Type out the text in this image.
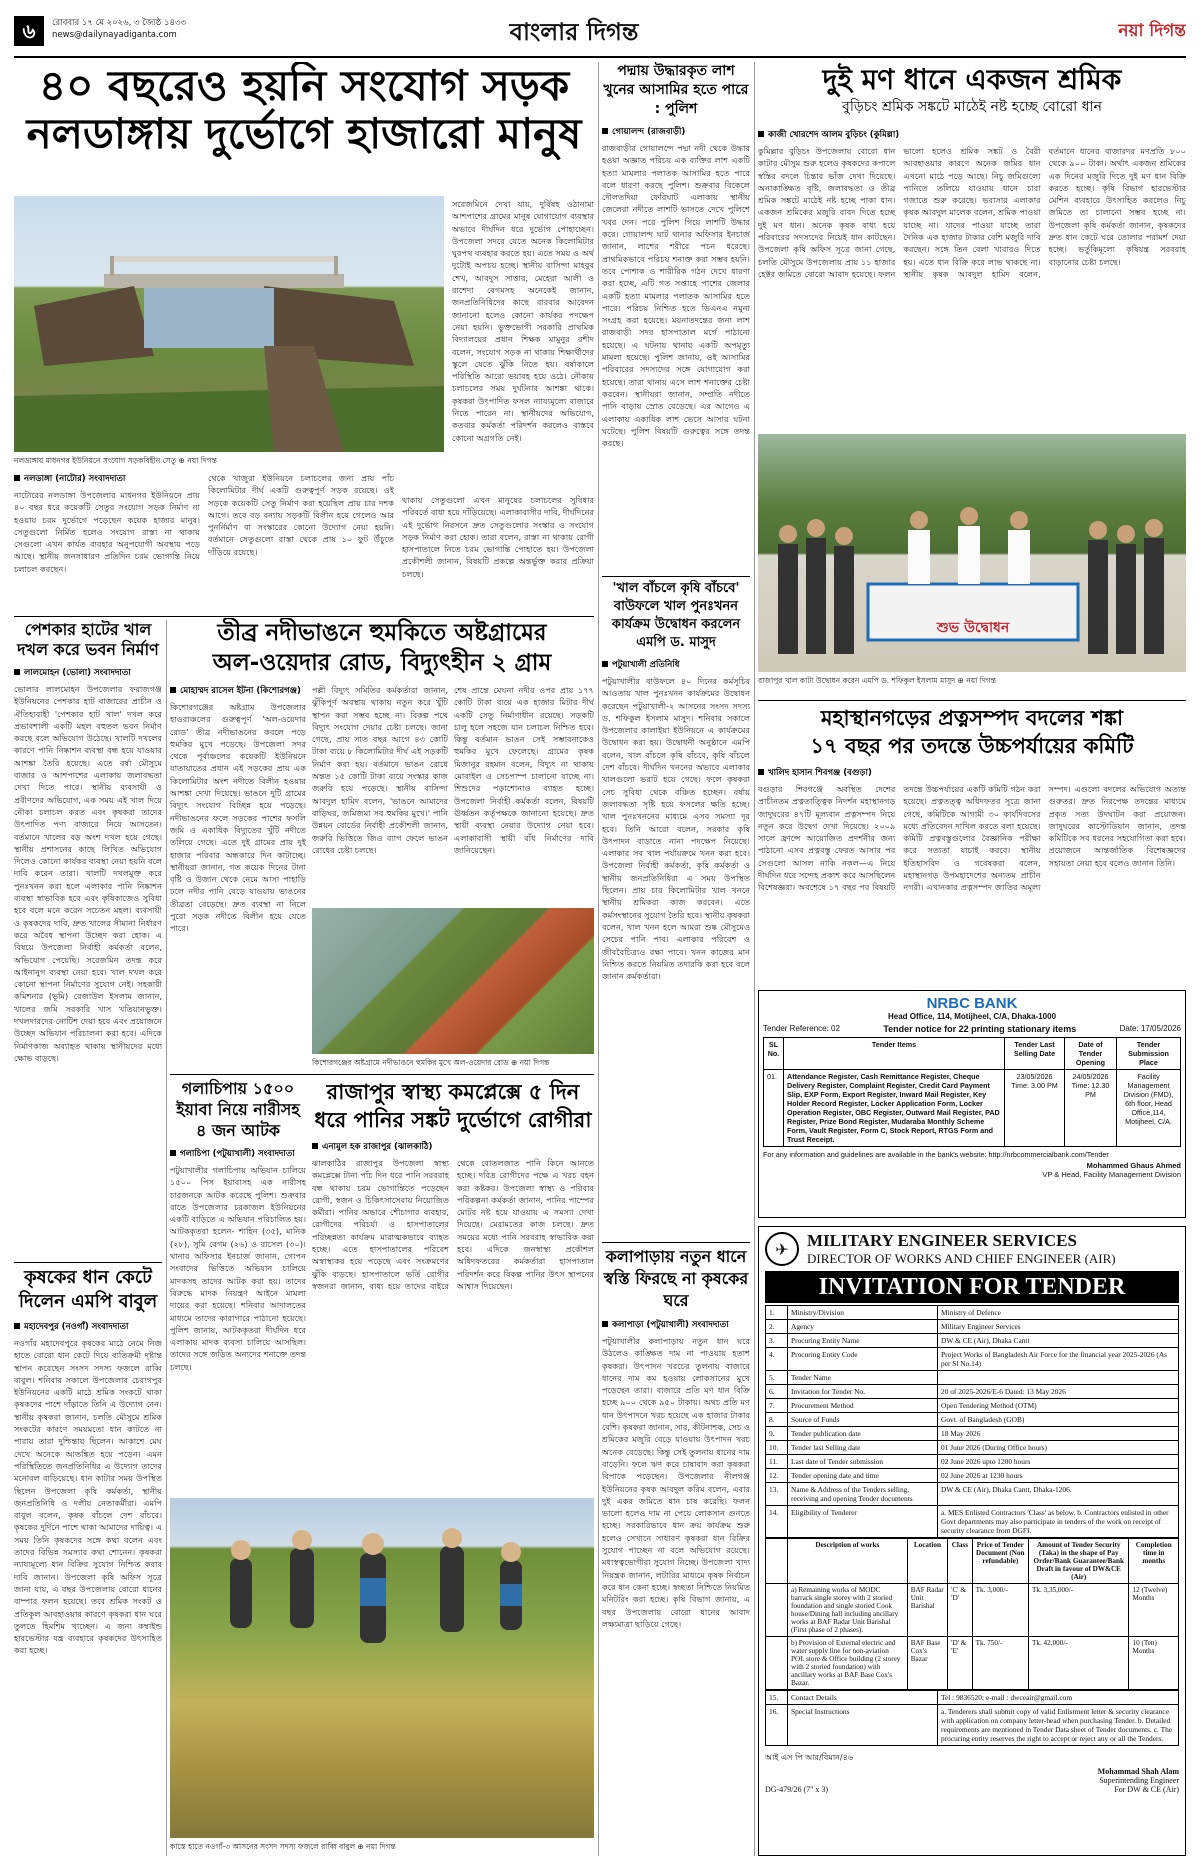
৬	রোববার ১৭ মে ২০২৬, ৩ জ্যৈষ্ঠ ১৪৩৩
news@dailynayadiganta.com	বাংলার দিগন্ত	নয়া দিগন্ত
৪০ বছরেও হয়নি সংযোগ সড়ক
নলডাঙ্গায় দুর্ভোগে হাজারো মানুষ
নলডাঙ্গায় মাধনগর ইউনিয়নে সংযোগ সড়কবিহীন সেতু ⊕ নয়া দিগন্ত
সরেজমিনে দেখা যায়, দুর্বিষহ ওঠানামা আশপাশের গ্রামের মানুষ যোগাযোগ ব্যবস্থার অভাবে দীর্ঘদিন ধরে দুর্ভোগ পোহাচ্ছেন। উপজেলা সদরে যেতে অনেক কিলোমিটার ঘুরপথ ব্যবহার করতে হয়। এতে সময় ও অর্থ দুটোই অপচয় হচ্ছে। স্থানীয় বাসিন্দা মাহবুব শেখ, আবদুস সাত্তার, মেহেরা আলী ও রাশেদা বেগমসহ অনেকেই জানান, জনপ্রতিনিধিদের কাছে বারবার আবেদন জানানো হলেও কোনো কার্যকর পদক্ষেপ নেয়া হয়নি। ভুক্তভোগী সরকারি প্রাথমিক বিদ্যালয়ের প্রধান শিক্ষক মামুনুর রশীদ বলেন, সংযোগ সড়ক না থাকায় শিক্ষার্থীদের স্কুলে যেতে ঝুঁকি নিতে হয়। বর্ষাকালে পরিস্থিতি আরো ভয়াবহ হয়ে ওঠে। নৌকায় চলাচলের সময় দুর্ঘটনার আশঙ্কা থাকে। কৃষকরা উৎপাদিত ফসল ন্যায্যমূল্যে বাজারে নিতে পারেন না। স্থানীয়দের অভিযোগ, কতবার কর্মকর্তা পরিদর্শন করলেও বাস্তবে কোনো অগ্রগতি নেই।
নলডাঙ্গা (নাটোর) সংবাদদাতা
নাটোরের নলডাঙ্গা উপজেলার মাধনগর ইউনিয়নে প্রায় ৪০ বছর ধরে কয়েকটি সেতুর সংযোগ সড়ক নির্মাণ না হওয়ায় চরম দুর্ভোগে পড়েছেন কয়েক হাজার মানুষ। সেতুগুলো নির্মিত হলেও সংযোগ রাস্তা না থাকায় সেগুলো এখন কার্যত ব্যবহার অনুপযোগী অবস্থায় পড়ে আছে। স্থানীয় জনসাধারণ প্রতিদিন চরম ভোগান্তি নিয়ে চলাচল করছেন।
থেকে খাজুরা ইউনিয়নে চলাচলের জন্য প্রায় পাঁচ কিলোমিটার দীর্ঘ একটি গুরুত্বপূর্ণ সড়ক রয়েছে। ওই সড়কে কয়েকটি সেতু নির্মাণ করা হয়েছিল প্রায় চার দশক আগে। তবে বড় বন্যায় সড়কটি বিলীন হয়ে গেলেও আর পুনর্নির্মাণ বা সংস্কারের কোনো উদ্যোগ নেয়া হয়নি। বর্তমানে সেতুগুলো রাস্তা থেকে প্রায় ১০ ফুট উঁচুতে দাঁড়িয়ে রয়েছে।
থাকায় সেতুগুলো এখন মানুষের চলাচলের সুবিধার পরিবর্তে বাধা হয়ে দাঁড়িয়েছে। এলাকাবাসীর দাবি, দীর্ঘদিনের এই দুর্ভোগ নিরসনে দ্রুত সেতুগুলোর সংস্কার ও সংযোগ সড়ক নির্মাণ করা হোক। তারা বলেন, রাস্তা না থাকায় রোগী হাসপাতালে নিতে চরম ভোগান্তি পোহাতে হয়। উপজেলা প্রকৌশলী জানান, বিষয়টি প্রকল্পে অন্তর্ভুক্ত করার প্রক্রিয়া চলছে।
পেশকার হাটের খাল দখল করে ভবন নির্মাণ
লালমোহন (ভোলা) সংবাদদাতা
ভোলার লালমোহন উপজেলার ফরাজগঞ্জ ইউনিয়নের পেশকার হাট বাজারের প্রাচীন ও ঐতিহ্যবাহী 'পেশকার হাট খাল' দখল করে প্রভাবশালী একটি মহল বহুতল ভবন নির্মাণ করছে বলে অভিযোগ উঠেছে। খালটি দখলের কারণে পানি নিষ্কাশন ব্যবস্থা বন্ধ হয়ে যাওয়ার আশঙ্কা তৈরি হয়েছে। এতে বর্ষা মৌসুমে বাজার ও আশপাশের এলাকায় জলাবদ্ধতা দেখা দিতে পারে। স্থানীয় ব্যবসায়ী ও প্রবীণদের অভিযোগ, এক সময় এই খাল দিয়ে নৌকা চলাচল করত এবং কৃষকরা তাদের উৎপাদিত পণ্য বাজারে নিয়ে আসতেন। বর্তমানে খালের বড় অংশ দখল হয়ে গেছে। স্থানীয় প্রশাসনের কাছে লিখিত অভিযোগ দিলেও কোনো কার্যকর ব্যবস্থা নেয়া হয়নি বলে দাবি করেন তারা। খালটি দখলমুক্ত করে পুনঃখনন করা হলে এলাকার পানি নিষ্কাশন ব্যবস্থা স্বাভাবিক হবে এবং কৃষিকাজেও সুবিধা হবে বলে মনে করেন সচেতন মহল। ব্যবসায়ী ও কৃষকদের দাবি, দ্রুত খালের সীমানা নির্ধারণ করে অবৈধ স্থাপনা উচ্ছেদ করা হোক। এ বিষয়ে উপজেলা নির্বাহী কর্মকর্তা বলেন, অভিযোগ পেয়েছি। সরেজমিন তদন্ত করে আইনানুগ ব্যবস্থা নেয়া হবে। খাল দখল করে কোনো স্থাপনা নির্মাণের সুযোগ নেই। সহকারী কমিশনার (ভূমি) রেজাউল ইসলাম জানান, খালের জমি সরকারি খাস খতিয়ানভুক্ত। দখলদারদের নোটিশ দেয়া হবে এবং প্রয়োজনে উচ্ছেদ অভিযান পরিচালনা করা হবে। এদিকে নির্মাণকাজ অব্যাহত থাকায় স্থানীয়দের মধ্যে ক্ষোভ বাড়ছে।
কৃষকের ধান কেটে দিলেন এমপি বাবুল
মহাদেবপুর (নওগাঁ) সংবাদদাতা
নওগাঁর মহাদেবপুরে কৃষকের মাঠে নেমে নিজ হাতে বোরো ধান কেটে দিয়ে ব্যতিক্রমী দৃষ্টান্ত স্থাপন করেছেন সংসদ সদস্য ফজলে রাব্বি বাবুল। শনিবার সকালে উপজেলার চেরাগপুর ইউনিয়নের একটি মাঠে শ্রমিক সংকটে থাকা কৃষকদের পাশে দাঁড়াতে তিনি এ উদ্যোগ নেন। স্থানীয় কৃষকরা জানান, চলতি মৌসুমে শ্রমিক সংকটের কারণে সময়মতো ধান কাটতে না পারায় তারা দুশ্চিন্তায় ছিলেন। আকাশে মেঘ দেখে অনেকে আতঙ্কিত হয়ে পড়েন। এমন পরিস্থিতিতে জনপ্রতিনিধির এ উদ্যোগ তাদের মনোবল বাড়িয়েছে। ধান কাটার সময় উপস্থিত ছিলেন উপজেলা কৃষি কর্মকর্তা, স্থানীয় জনপ্রতিনিধি ও দলীয় নেতাকর্মীরা। এমপি বাবুল বলেন, কৃষক বাঁচলে দেশ বাঁচবে। কৃষকের দুর্দিনে পাশে থাকা আমাদের দায়িত্ব। এ সময় তিনি কৃষকদের সঙ্গে কথা বলেন এবং তাদের বিভিন্ন সমস্যার কথা শোনেন। কৃষকরা ন্যায্যমূল্যে ধান বিক্রির সুযোগ নিশ্চিত করার দাবি জানান। উপজেলা কৃষি অফিস সূত্রে জানা যায়, এ বছর উপজেলায় বোরো ধানের বাম্পার ফলন হয়েছে। তবে শ্রমিক সংকট ও প্রতিকূল আবহাওয়ার কারণে কৃষকরা ধান ঘরে তুলতে হিমশিম খাচ্ছেন। এ জন্য কম্বাইন্ড হারভেস্টার যন্ত্র ব্যবহারে কৃষকদের উৎসাহিত করা হচ্ছে।
তীব্র নদীভাঙনে হুমকিতে অষ্টগ্রামের
অল-ওয়েদার রোড, বিদ্যুৎহীন ২ গ্রাম
মোহাম্মদ রাসেল ইটনা (কিশোরগঞ্জ)
কিশোরগঞ্জের অষ্টগ্রাম উপজেলার হাওরাঞ্চলের গুরুত্বপূর্ণ 'অল-ওয়েদার রোড' তীব্র নদীভাঙনের কবলে পড়ে হুমকির মুখে পড়েছে। উপজেলা সদর থেকে পূর্বাঞ্চলের কয়েকটি ইউনিয়নে যাতায়াতের প্রধান এই সড়কের প্রায় এক কিলোমিটার অংশ নদীতে বিলীন হওয়ার আশঙ্কা দেখা দিয়েছে। ভাঙনে দুটি গ্রামের বিদ্যুৎ সংযোগ বিচ্ছিন্ন হয়ে পড়েছে। নদীভাঙনের ফলে সড়কের পাশের ফসলি জমি ও একাধিক বিদ্যুতের খুঁটি নদীতে তলিয়ে গেছে। এতে দুই গ্রামের প্রায় দুই হাজার পরিবার অন্ধকারে দিন কাটাচ্ছে। স্থানীয়রা জানান, গত কয়েক দিনের টানা বৃষ্টি ও উজান থেকে নেমে আসা পাহাড়ি ঢলে নদীর পানি বেড়ে যাওয়ায় ভাঙনের তীব্রতা বেড়েছে। দ্রুত ব্যবস্থা না নিলে পুরো সড়ক নদীতে বিলীন হয়ে যেতে পারে।
পল্লী বিদ্যুৎ সমিতির কর্মকর্তারা জানান, ঝুঁকিপূর্ণ অবস্থায় থাকায় নতুন করে খুঁটি স্থাপন করা সম্ভব হচ্ছে না। বিকল্প পথে বিদ্যুৎ সংযোগ দেয়ার চেষ্টা চলছে। জানা গেছে, প্রায় সাত বছর আগে ৪৩ কোটি টাকা ব্যয়ে ৮ কিলোমিটার দীর্ঘ এই সড়কটি নির্মাণ করা হয়। বর্তমানে ভাঙন রোধে অন্তত ১৫ কোটি টাকা ব্যয়ে সংস্কার কাজ জরুরি হয়ে পড়েছে। স্থানীয় বাসিন্দা আবদুল হামিদ বলেন, 'ভাঙনে আমাদের বাড়িঘর, জমিজমা সব হুমকির মুখে।' পানি উন্নয়ন বোর্ডের নির্বাহী প্রকৌশলী জানান, জরুরি ভিত্তিতে জিও ব্যাগ ফেলে ভাঙন রোধের চেষ্টা চলছে।
শেষ প্রান্তে মেঘনা নদীর ওপর প্রায় ১৭৭ কোটি টাকা ব্যয়ে এক হাজার মিটার দীর্ঘ একটি সেতু নির্মাণাধীন রয়েছে। সড়কটি চালু হলে সহজে যান চলাচল নিশ্চিত হবে। কিন্তু বর্তমান ভাঙন সেই সম্ভাবনাকেও হুমকির মুখে ফেলেছে। গ্রামের কৃষক মিজানুর রহমান বলেন, বিদ্যুৎ না থাকায় মোবাইল ও সেচপাম্প চালানো যাচ্ছে না। শিশুদের পড়াশোনাও ব্যাহত হচ্ছে। উপজেলা নির্বাহী কর্মকর্তা বলেন, বিষয়টি ঊর্ধ্বতন কর্তৃপক্ষকে জানানো হয়েছে। দ্রুত স্থায়ী ব্যবস্থা নেয়ার উদ্যোগ নেয়া হবে। এলাকাবাসী স্থায়ী বাঁধ নির্মাণের দাবি জানিয়েছেন।
কিশোরগঞ্জের অষ্টগ্রামে নদীভাঙনে হুমকির মুখে অল-ওয়েদার রোড ⊕ নয়া দিগন্ত
গলাচিপায় ১৫০০ ইয়াবা নিয়ে নারীসহ ৪ জন আটক
গলাচিপা (পটুয়াখালী) সংবাদদাতা
পটুয়াখালীর গলাচিপায় অভিযান চালিয়ে ১৫০০ পিস ইয়াবাসহ এক নারীসহ চারজনকে আটক করেছে পুলিশ। শুক্রবার রাতে উপজেলার চরকাজল ইউনিয়নের একটি বাড়িতে এ অভিযান পরিচালিত হয়। আটককৃতরা হলেন- শাহিন (৩৫), মানিক (২৮), সুমি বেগম (২৬) ও রাসেল (৩০)। থানার অফিসার ইনচার্জ জানান, গোপন সংবাদের ভিত্তিতে অভিযান চালিয়ে মাদকসহ তাদের আটক করা হয়। তাদের বিরুদ্ধে মাদক নিয়ন্ত্রণ আইনে মামলা দায়ের করা হয়েছে। শনিবার আদালতের মাধ্যমে তাদের কারাগারে পাঠানো হয়েছে। পুলিশ জানায়, আটককৃতরা দীর্ঘদিন ধরে এলাকায় মাদক ব্যবসা চালিয়ে আসছিল। তাদের সঙ্গে জড়িত অন্যদের শনাক্তে তদন্ত চলছে।
রাজাপুর স্বাস্থ্য কমপ্লেক্সে ৫ দিন ধরে পানির সঙ্কট দুর্ভোগে রোগীরা
এনামুল হক রাজাপুর (ঝালকাঠি)
ঝালকাঠির রাজাপুর উপজেলা স্বাস্থ্য কমপ্লেক্সে টানা পাঁচ দিন ধরে পানি সরবরাহ বন্ধ থাকায় চরম ভোগান্তিতে পড়েছেন রোগী, স্বজন ও চিকিৎসাসেবায় নিয়োজিত কর্মীরা। পানির অভাবে শৌচাগার ব্যবহার, রোগীদের পরিচর্যা ও হাসপাতালের পরিচ্ছন্নতা কার্যক্রম মারাত্মকভাবে ব্যাহত হচ্ছে। এতে হাসপাতালের পরিবেশ অস্বাস্থ্যকর হয়ে পড়েছে এবং সংক্রমণের ঝুঁকি বাড়ছে। হাসপাতালে ভর্তি রোগীর স্বজনরা জানান, বাধ্য হয়ে তাদের বাইরে থেকে বোতলজাত পানি কিনে আনতে হচ্ছে। দরিদ্র রোগীদের পক্ষে এ খরচ বহন করা কষ্টকর। উপজেলা স্বাস্থ্য ও পরিবার পরিকল্পনা কর্মকর্তা জানান, পানির পাম্পের মোটর নষ্ট হয়ে যাওয়ায় এ সমস্যা দেখা দিয়েছে। মেরামতের কাজ চলছে। দ্রুত সময়ের মধ্যে পানি সরবরাহ স্বাভাবিক করা হবে। এদিকে জনস্বাস্থ্য প্রকৌশল অধিদফতরের কর্মকর্তারা হাসপাতাল পরিদর্শন করে বিকল্প পানির উৎস স্থাপনের আশ্বাস দিয়েছেন।
কাস্তে হাতে নওগাঁ-৩ আসনের সংসদ সদস্য ফজলে রাব্বি বাবুল ⊕ নয়া দিগন্ত
পদ্মায় উদ্ধারকৃত লাশ খুনের আসামির হতে পারে : পুলিশ
গোয়ালন্দ (রাজবাড়ী)
রাজবাড়ীর গোয়ালন্দে পদ্মা নদী থেকে উদ্ধার হওয়া অজ্ঞাত পরিচয় এক ব্যক্তির লাশ একটি হত্যা মামলার পলাতক আসামির হতে পারে বলে ধারণা করছে পুলিশ। শুক্রবার বিকেলে দৌলতদিয়া ফেরিঘাট এলাকায় স্থানীয় জেলেরা নদীতে লাশটি ভাসতে দেখে পুলিশে খবর দেন। পরে পুলিশ গিয়ে লাশটি উদ্ধার করে। গোয়ালন্দ ঘাট থানার অফিসার ইনচার্জ জানান, লাশের শরীরে পচন ধরেছে। প্রাথমিকভাবে পরিচয় শনাক্ত করা সম্ভব হয়নি। তবে পোশাক ও শারীরিক গঠন দেখে ধারণা করা হচ্ছে, এটি গত সপ্তাহে পাশের জেলার একটি হত্যা মামলার পলাতক আসামির হতে পারে। পরিচয় নিশ্চিত হতে ডিএনএ নমুনা সংগ্রহ করা হয়েছে। ময়নাতদন্তের জন্য লাশ রাজবাড়ী সদর হাসপাতাল মর্গে পাঠানো হয়েছে। এ ঘটনায় থানায় একটি অপমৃত্যু মামলা হয়েছে। পুলিশ জানায়, ওই আসামির পরিবারের সদস্যদের সঙ্গে যোগাযোগ করা হয়েছে। তারা থানায় এসে লাশ শনাক্তের চেষ্টা করবেন। স্থানীয়রা জানান, সম্প্রতি নদীতে পানি বাড়ায় স্রোত বেড়েছে। এর আগেও এ এলাকায় একাধিক লাশ ভেসে আসার ঘটনা ঘটেছে। পুলিশ বিষয়টি গুরুত্বের সঙ্গে তদন্ত করছে।
'খাল বাঁচলে কৃষি বাঁচবে' বাউফলে খাল পুনঃখনন কার্যক্রম উদ্বোধন করলেন এমপি ড. মাসুদ
পটুয়াখালী প্রতিনিধি
পটুয়াখালীর বাউফলে ৪০ দিনের কর্মসূচির আওতায় খাল পুনঃখনন কার্যক্রমের উদ্বোধন করেছেন পটুয়াখালী-২ আসনের সংসদ সদস্য ড. শফিকুল ইসলাম মাসুদ। শনিবার সকালে উপজেলার কালাইয়া ইউনিয়নে এ কার্যক্রমের উদ্বোধন করা হয়। উদ্বোধনী অনুষ্ঠানে এমপি বলেন, খাল বাঁচলে কৃষি বাঁচবে, কৃষি বাঁচলে দেশ বাঁচবে। দীর্ঘদিন খননের অভাবে এলাকার খালগুলো ভরাট হয়ে গেছে। ফলে কৃষকরা সেচ সুবিধা থেকে বঞ্চিত হচ্ছেন। বর্ষায় জলাবদ্ধতা সৃষ্টি হয়ে ফসলের ক্ষতি হচ্ছে। খাল পুনঃখননের মাধ্যমে এসব সমস্যা দূর হবে। তিনি আরো বলেন, সরকার কৃষি উৎপাদন বাড়াতে নানা পদক্ষেপ নিয়েছে। এলাকার সব খাল পর্যায়ক্রমে খনন করা হবে। উপজেলা নির্বাহী কর্মকর্তা, কৃষি কর্মকর্তা ও স্থানীয় জনপ্রতিনিধিরা এ সময় উপস্থিত ছিলেন। প্রায় চার কিলোমিটার খাল খননে স্থানীয় শ্রমিকরা কাজ করবেন। এতে কর্মসংস্থানের সুযোগ তৈরি হবে। স্থানীয় কৃষকরা বলেন, খাল খনন হলে আমরা শুষ্ক মৌসুমেও সেচের পানি পাব। এলাকার পরিবেশ ও জীববৈচিত্র্যও রক্ষা পাবে। খনন কাজের মান নিশ্চিত করতে নিয়মিত তদারকি করা হবে বলে জানান কর্মকর্তারা।
কলাপাড়ায় নতুন ধানে স্বস্তি ফিরছে না কৃষকের ঘরে
কলাপাড়া (পটুয়াখালী) সংবাদদাতা
পটুয়াখালীর কলাপাড়ায় নতুন ধান ঘরে উঠলেও কাঙ্ক্ষিত দাম না পাওয়ায় হতাশ কৃষকরা। উৎপাদন খরচের তুলনায় বাজারে ধানের দাম কম হওয়ায় লোকসানের মুখে পড়েছেন তারা। বাজারে প্রতি মণ ধান বিক্রি হচ্ছে ৯০০ থেকে ৯৫০ টাকায়। অথচ প্রতি মণ ধান উৎপাদনে খরচ হয়েছে এক হাজার টাকার বেশি। কৃষকরা জানান, সার, কীটনাশক, সেচ ও শ্রমিকের মজুরি বেড়ে যাওয়ায় উৎপাদন খরচ অনেক বেড়েছে। কিন্তু সেই তুলনায় ধানের দাম বাড়েনি। ফলে ঋণ করে চাষাবাদ করা কৃষকরা বিপাকে পড়েছেন। উপজেলার নীলগঞ্জ ইউনিয়নের কৃষক আবদুল করিম বলেন, এবার দুই একর জমিতে ধান চাষ করেছি। ফলন ভালো হলেও দাম না পেয়ে লোকসান গুনতে হচ্ছে। সরকারিভাবে ধান ক্রয় কার্যক্রম শুরু হলেও সেখানে সাধারণ কৃষকরা ধান বিক্রির সুযোগ পাচ্ছেন না বলে অভিযোগ রয়েছে। মধ্যস্বত্বভোগীরা সুযোগ নিচ্ছে। উপজেলা খাদ্য নিয়ন্ত্রক জানান, লটারির মাধ্যমে কৃষক নির্বাচন করে ধান কেনা হচ্ছে। স্বচ্ছতা নিশ্চিতে নিয়মিত মনিটরিং করা হচ্ছে। কৃষি বিভাগ জানায়, এ বছর উপজেলায় বোরো ধানের আবাদ লক্ষ্যমাত্রা ছাড়িয়ে গেছে।
দুই মণ ধানে একজন শ্রমিক
বুড়িচং শ্রমিক সঙ্কটে মাঠেই নষ্ট হচ্ছে বোরো ধান
কাজী খোরশেদ আলম বুড়িচং (কুমিল্লা)
কুমিল্লার বুড়িচং উপজেলায় বোরো ধান কাটার মৌসুম শুরু হলেও কৃষকদের কপালে স্বস্তির বদলে চিন্তার ভাঁজ দেখা দিয়েছে। অনাকাঙ্ক্ষিত বৃষ্টি, জলাবদ্ধতা ও তীব্র শ্রমিক সঙ্কটে মাঠেই নষ্ট হচ্ছে পাকা ধান। একজন শ্রমিকের মজুরি বাবদ দিতে হচ্ছে দুই মণ ধান। অনেক কৃষক বাধ্য হয়ে পরিবারের সদস্যদের নিয়েই ধান কাটছেন। উপজেলা কৃষি অফিস সূত্রে জানা গেছে, চলতি মৌসুমে উপজেলায় প্রায় ১১ হাজার হেক্টর জমিতে বোরো আবাদ হয়েছে। ফলন ভালো হলেও শ্রমিক সঙ্কট ও বৈরী আবহাওয়ার কারণে অনেক জমির ধান এখনো মাঠে পড়ে আছে। নিচু জমিগুলো পানিতে তলিয়ে যাওয়ায় ধানে চারা গজাতে শুরু করেছে। ভরাসার এলাকার কৃষক আবদুল মালেক বলেন, শ্রমিক পাওয়া যাচ্ছে না। যাদের পাওয়া যাচ্ছে তারা দৈনিক এক হাজার টাকার বেশি মজুরি দাবি করছেন। সঙ্গে তিন বেলা খাবারও দিতে হয়। এতে ধান বিক্রি করে লাভ থাকছে না। স্থানীয় কৃষক আবদুল হামিদ বলেন, বর্তমানে ধানের বাজারদর মণপ্রতি ৮০০ থেকে ৯০০ টাকা। অর্থাৎ একজন শ্রমিকের এক দিনের মজুরি দিতে দুই মণ ধান বিক্রি করতে হচ্ছে। কৃষি বিভাগ হারভেস্টার মেশিন ব্যবহারে উৎসাহিত করলেও নিচু জমিতে তা চালানো সম্ভব হচ্ছে না। উপজেলা কৃষি কর্মকর্তা জানান, কৃষকদের দ্রুত ধান কেটে ঘরে তোলার পরামর্শ দেয়া হচ্ছে। ভর্তুকিমূল্যে কৃষিযন্ত্র সরবরাহ বাড়ানোর চেষ্টা চলছে।
শুভ উদ্বোধন
রাজাপুর খাল কাটা উদ্বোধন করেন এমপি ড. শফিকুল ইসলাম মাসুদ ⊕ নয়া দিগন্ত
মহাস্থানগড়ের প্রত্নসম্পদ বদলের শঙ্কা
১৭ বছর পর তদন্তে উচ্চপর্যায়ের কমিটি
খালিদ হাসান শিবগঞ্জ (বগুড়া)
বগুড়ার শিবগঞ্জে অবস্থিত দেশের প্রাচীনতম প্রত্নতাত্ত্বিক নিদর্শন মহাস্থানগড় জাদুঘরের ৪৭টি মূল্যবান প্রত্নসম্পদ নিয়ে নতুন করে উদ্বেগ দেখা দিয়েছে। ২০০৯ সালে ফ্রান্সে আয়োজিত প্রদর্শনীর জন্য পাঠানো এসব প্রত্নবস্তু ফেরত আসার পর সেগুলো আসল নাকি নকল—এ নিয়ে দীর্ঘদিন ধরে সন্দেহ প্রকাশ করে আসছিলেন বিশেষজ্ঞরা। অবশেষে ১৭ বছর পর বিষয়টি তদন্তে উচ্চপর্যায়ের একটি কমিটি গঠন করা হয়েছে। প্রত্নতত্ত্ব অধিদফতর সূত্রে জানা গেছে, কমিটিকে আগামী ৩০ কার্যদিবসের মধ্যে প্রতিবেদন দাখিল করতে বলা হয়েছে। কমিটি প্রত্নবস্তুগুলোর বৈজ্ঞানিক পরীক্ষা করে সত্যতা যাচাই করবে। স্থানীয় ইতিহাসবিদ ও গবেষকরা বলেন, মহাস্থানগড় উপমহাদেশের অন্যতম প্রাচীন নগরী। এখানকার প্রত্নসম্পদ জাতির অমূল্য সম্পদ। এগুলো বদলের অভিযোগ অত্যন্ত গুরুতর। দ্রুত নিরপেক্ষ তদন্তের মাধ্যমে প্রকৃত সত্য উদঘাটন করা প্রয়োজন। জাদুঘরের কাস্টোডিয়ান জানান, তদন্ত কমিটিকে সব ধরনের সহযোগিতা করা হবে। প্রয়োজনে আন্তর্জাতিক বিশেষজ্ঞদের সহায়তা নেয়া হবে বলেও জানান তিনি।
NRBC BANK
Head Office, 114, Motijheel, C/A, Dhaka-1000
Tender Reference: 02	Tender notice for 22 printing stationary items	Date: 17/05/2026
SL No.	Tender Items	Tender Last Selling Date	Date of Tender Opening	Tender Submission Place
01.	Attendance Register, Cash Remittance Register, Cheque Delivery Register, Complaint Register, Credit Card Payment Slip, EXP Form, Export Register, Inward Mail Register, Key Holder Record Register, Locker Application Form, Locker Operation Register, OBC Register, Outward Mail Register, PAD Register, Prize Bond Register, Mudaraba Monthly Scheme Form, Vault Register, Form C, Stock Report, RTGS Form and Trust Receipt.	23/05/2026 Time: 3.00 PM	24/05/2026 Time: 12.30 PM	Facility Management Division (FMD), 6th floor, Head Office,114, Motijheel, C/A.
For any information and guidelines are available in the bank's website: http://nrbcommercialbank.com/Tender
Mohammed Ghaus Ahmed
VP & Head, Facility Management Division
✈	MILITARY ENGINEER SERVICES
DIRECTOR OF WORKS AND CHIEF ENGINEER (AIR)
INVITATION FOR TENDER
1.	Ministry/Division	Ministry of Defence
2.	Agency	Military Engineer Services
3.	Procuring Entity Name	DW & CE (Air), Dhaka Cantt
4.	Procuring Entity Code	Project Works of Bangladesh Air Force for the financial year 2025-2026 (As per Sl No.14)
5.	Tender Name	
6.	Invitation for Tender No.	20 of 2025-2026/E-6 Dated: 13 May 2026
7.	Procurement Method	Open Tendering Method (OTM)
8.	Source of Funds	Govt. of Bangladesh (GOB)
9.	Tender publication date	18 May 2026
10.	Tender last Selling date	01 June 2026 (During Office hours)
11.	Last date of Tender submission	02 June 2026 upto 1200 hours
12.	Tender opening date and time	02 June 2026 at 1230 hours
13.	Name & Address of the Tenders selling, receiving and opening Tender documents	DW & CE (Air), Dhaka Cantt, Dhaka-1206.
14.	Eligibility of Tenderer	a. MES Enlisted Contractors 'Class' as below. b. Contractors enlisted in other Govt departments may also participate in tenders of the work on receipt of security clearance from DGFI.
	Description of works	Location	Class	Price of Tender Document (Non refundable)	Amount of Tender Security (Taka) in the shape of Pay Order/Bank Guarantee/Bank Draft in favour of DW&CE (Air)	Completion time in months
	a) Remaining works of MODC barrack single storey with 2 storied foundation and single storied Cook house/Dining hall including ancillary works at BAF Radar Unit Barishal (First phase of 2 phases).	BAF Radar Unit Barishal	'C' & 'D'	Tk. 3,000/-	Tk. 3,35,000/-	12 (Twelve) Months
	b) Provision of External electric and water supply line for non-aviation POL store & Office building (2 storey with 2 storied foundation) with ancillary works at BAF Base Cox's Bazar.	BAF Base Cox's Bazar	'D' & 'E'	Tk. 750/-	Tk. 42,000/-	10 (Ten) Months
15.	Contact Details	Tel : 9836520; e-mail : dwceair@gmail.com
16.	Special Instructions	a. Tenderers shall submit copy of valid Enlistment letter & security clearance with application on company letter-head when purchasing Tender. b. Detailed requirements are mentioned in Tender Data sheet of Tender documents. c. The procuring entity reserves the right to accept or reject any or all the Tenders.
আই এস পি আর/বিমান/৪৬
DG-479/26 (7" x 3)
Mohammad Shah Alam
Superintending Engineer
For DW & CE (Air)
